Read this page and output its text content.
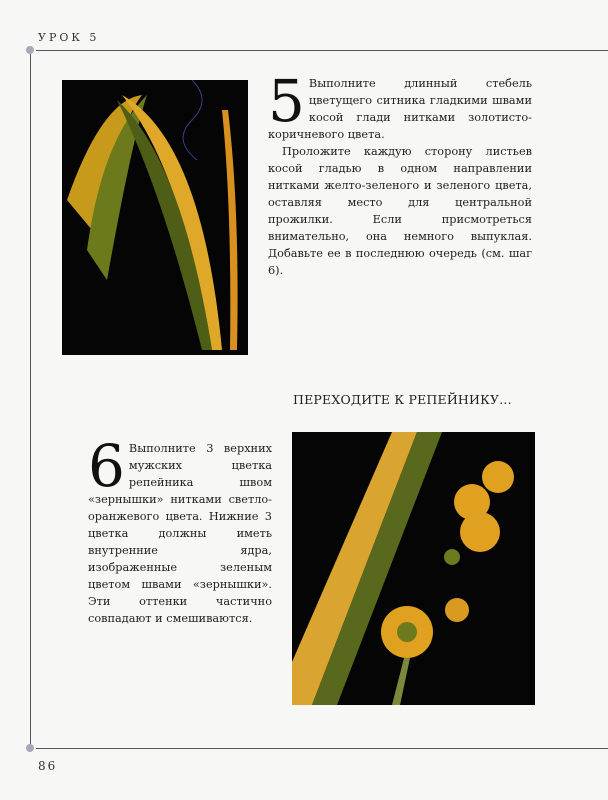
УРОК 5
5 Выполните длинный стебель цветущего ситника гладкими швами косой глади нитками золотисто-коричневого цвета.

Проложите каждую сторону листьев косой гладью в одном направлении нитками желто-зеленого и зеленого цвета, оставляя место для центральной прожилки. Если присмотреться внимательно, она немного выпуклая. Добавьте ее в последнюю очередь (см. шаг 6).

ПЕРЕХОДИТЕ К РЕПЕЙНИКУ...
6 Выполните 3 верхних мужских цветка репейника швом «зернышки» нитками светло-оранжевого цвета. Нижние 3 цветка должны иметь внутренние ядра, изображенные зеленым цветом швами «зернышки». Эти оттенки частично совпадают и смешиваются.

86
